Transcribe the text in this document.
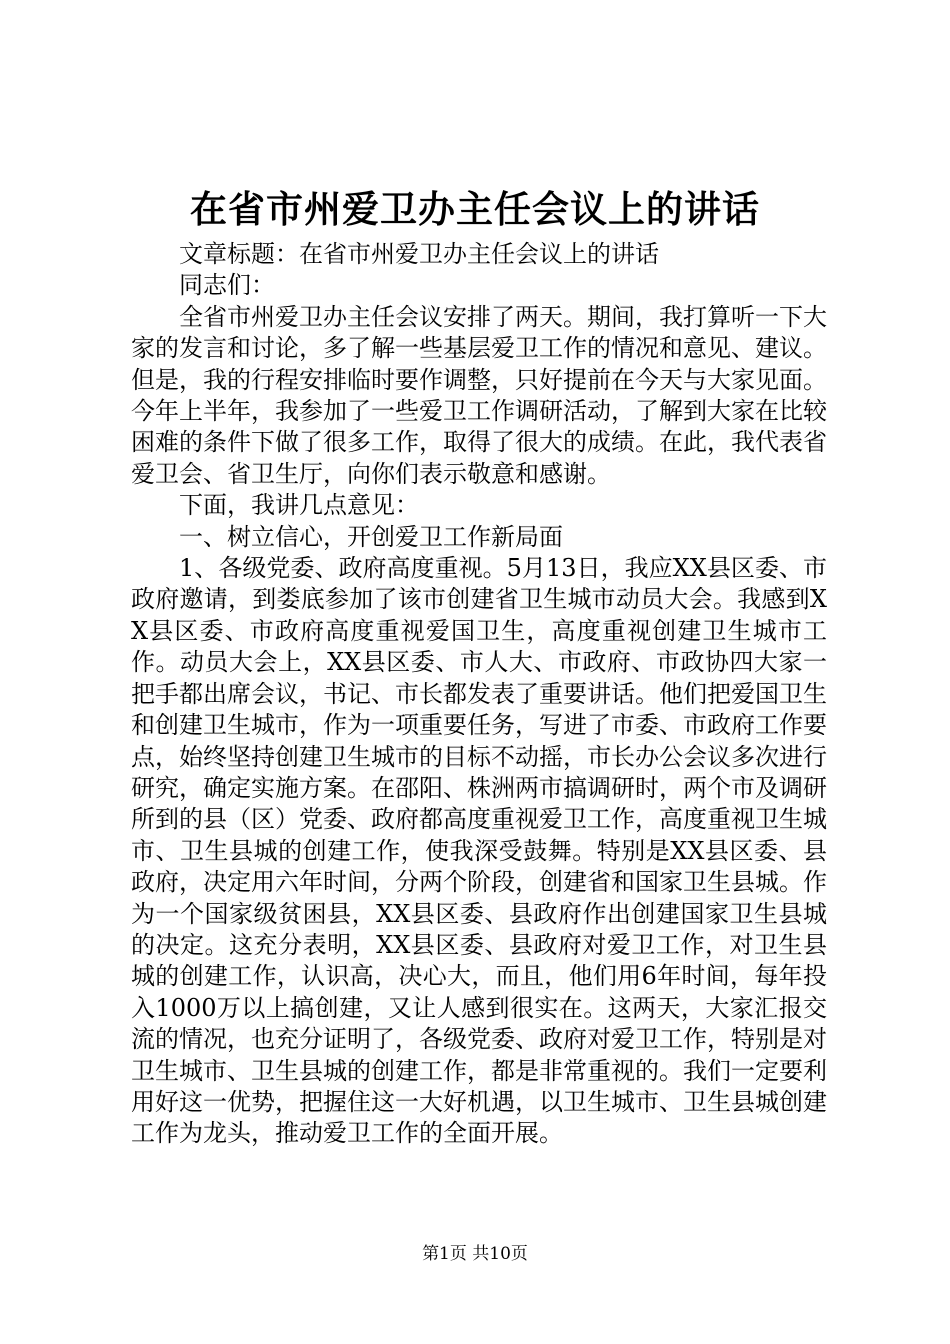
在省市州爱卫办主任会议上的讲话

文章标题：在省市州爱卫办主任会议上的讲话

同志们：

全省市州爱卫办主任会议安排了两天。期间，我打算听一下大家的发言和讨论，多了解一些基层爱卫工作的情况和意见、建议。但是，我的行程安排临时要作调整，只好提前在今天与大家见面。今年上半年，我参加了一些爱卫工作调研活动，了解到大家在比较困难的条件下做了很多工作，取得了很大的成绩。在此，我代表省爱卫会、省卫生厅，向你们表示敬意和感谢。

下面，我讲几点意见：

一、树立信心，开创爱卫工作新局面

1、各级党委、政府高度重视。5月13日，我应XX县区委、市政府邀请，到娄底参加了该市创建省卫生城市动员大会。我感到XX县区委、市政府高度重视爱国卫生，高度重视创建卫生城市工作。动员大会上，XX县区委、市人大、市政府、市政协四大家一把手都出席会议，书记、市长都发表了重要讲话。他们把爱国卫生和创建卫生城市，作为一项重要任务，写进了市委、市政府工作要点，始终坚持创建卫生城市的目标不动摇，市长办公会议多次进行研究，确定实施方案。在邵阳、株洲两市搞调研时，两个市及调研所到的县（区）党委、政府都高度重视爱卫工作，高度重视卫生城市、卫生县城的创建工作，使我深受鼓舞。特别是XX县区委、县政府，决定用六年时间，分两个阶段，创建省和国家卫生县城。作为一个国家级贫困县，XX县区委、县政府作出创建国家卫生县城的决定。这充分表明，XX县区委、县政府对爱卫工作，对卫生县城的创建工作，认识高，决心大，而且，他们用6年时间，每年投入1000万以上搞创建，又让人感到很实在。这两天，大家汇报交流的情况，也充分证明了，各级党委、政府对爱卫工作，特别是对卫生城市、卫生县城的创建工作，都是非常重视的。我们一定要利用好这一优势，把握住这一大好机遇，以卫生城市、卫生县城创建工作为龙头，推动爱卫工作的全面开展。

第1页 共10页
